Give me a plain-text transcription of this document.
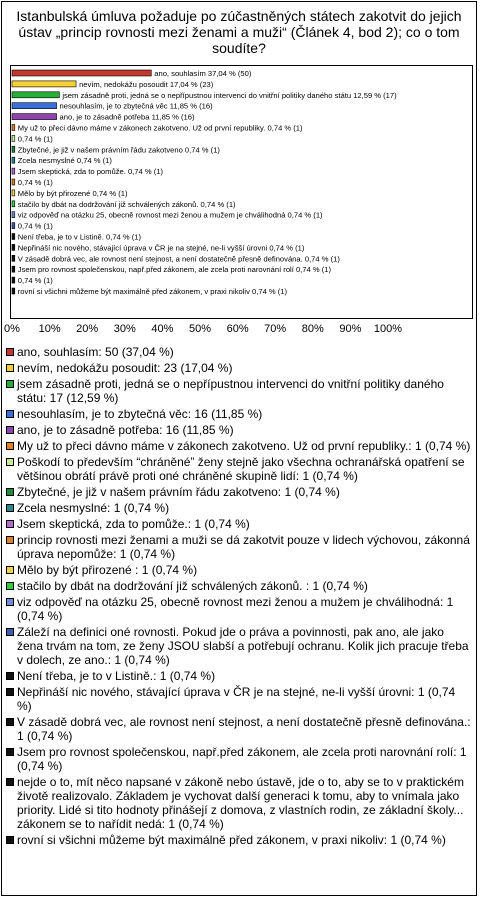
Istanbulská úmluva požaduje po zúčastněných státech zakotvit do jejich ústav „princip rovnosti mezi ženami a muži“ (Článek 4, bod 2); co o tom soudíte?
ano, souhlasím 37,04 % (50)
nevím, nedokážu posoudit 17,04 % (23)
jsem zásadně proti, jedná se o nepřípustnou intervenci do vnitřní politiky daného státu 12,59 % (17)
nesouhlasím, je to zbytečná věc 11,85 % (16)
ano, je to zásadně potřeba 11,85 % (16)
My už to přeci dávno máme v zákonech zakotveno. Už od první republiky. 0,74 % (1)
0,74 % (1)
Zbytečné, je již v našem právním řádu zakotveno 0,74 % (1)
Zcela nesmyslné 0,74 % (1)
Jsem skeptická, zda to pomůže. 0,74 % (1)
0,74 % (1)
Mělo by být přirozené 0,74 % (1)
stačilo by dbát na dodržování již schválených zákonů. 0,74 % (1)
viz odpověď na otázku 25, obecně rovnost mezi ženou a mužem je chválihodná 0,74 % (1)
0,74 % (1)
Není třeba, je to v Listině. 0,74 % (1)
Nepřináší nic nového, stávající úprava v ČR je na stejné, ne-li vyšší úrovni 0,74 % (1)
V zásadě dobrá vec, ale rovnost není stejnost, a není dostatečně přesně definována. 0,74 % (1)
Jsem pro rovnost společenskou, např.před zákonem, ale zcela proti narovnání rolí 0,74 % (1)
0,74 % (1)
rovní si všichni můžeme být maximálně před zákonem, v praxi nikoliv 0,74 % (1)
0% 10% 20% 30% 40% 50% 60% 70% 80% 90% 100%
ano, souhlasím: 50 (37,04 %)
nevím, nedokážu posoudit: 23 (17,04 %)
jsem zásadně proti, jedná se o nepřípustnou intervenci do vnitřní politiky daného státu: 17 (12,59 %)
nesouhlasím, je to zbytečná věc: 16 (11,85 %)
ano, je to zásadně potřeba: 16 (11,85 %)
My už to přeci dávno máme v zákonech zakotveno. Už od první republiky.: 1 (0,74 %)
Poškodí to především “chráněné” ženy stejně jako všechna ochranářská opatření se většinou obrátí právě proti oné chráněné skupině lidí: 1 (0,74 %)
Zbytečné, je již v našem právním řádu zakotveno: 1 (0,74 %)
Zcela nesmyslné: 1 (0,74 %)
Jsem skeptická, zda to pomůže.: 1 (0,74 %)
princip rovnosti mezi ženami a muži se dá zakotvit pouze v lidech výchovou, zákonná úprava nepomůže: 1 (0,74 %)
Mělo by být přirozené : 1 (0,74 %)
stačilo by dbát na dodržování již schválených zákonů. : 1 (0,74 %)
viz odpověď na otázku 25, obecně rovnost mezi ženou a mužem je chválihodná: 1 (0,74 %)
Záleží na definici oné rovnosti. Pokud jde o práva a povinnosti, pak ano, ale jako žena trvám na tom, ze ženy JSOU slabší a potřebují ochranu. Kolik jich pracuje třeba v dolech, ze ano.: 1 (0,74 %)
Není třeba, je to v Listině.: 1 (0,74 %)
Nepřináší nic nového, stávající úprava v ČR je na stejné, ne-li vyšší úrovni: 1 (0,74 %)
V zásadě dobrá vec, ale rovnost není stejnost, a není dostatečně přesně definována.: 1 (0,74 %)
Jsem pro rovnost společenskou, např.před zákonem, ale zcela proti narovnání rolí: 1 (0,74 %)
nejde o to, mít něco napsané v zákoně nebo ústavě, jde o to, aby se to v praktickém životě realizovalo. Základem je vychovat další generaci k tomu, aby to vnímala jako priority. Lidé si tito hodnoty přinášejí z domova, z vlastních rodin, ze základní školy... zákonem se to nařídit nedá: 1 (0,74 %)
rovní si všichni můžeme být maximálně před zákonem, v praxi nikoliv: 1 (0,74 %)
